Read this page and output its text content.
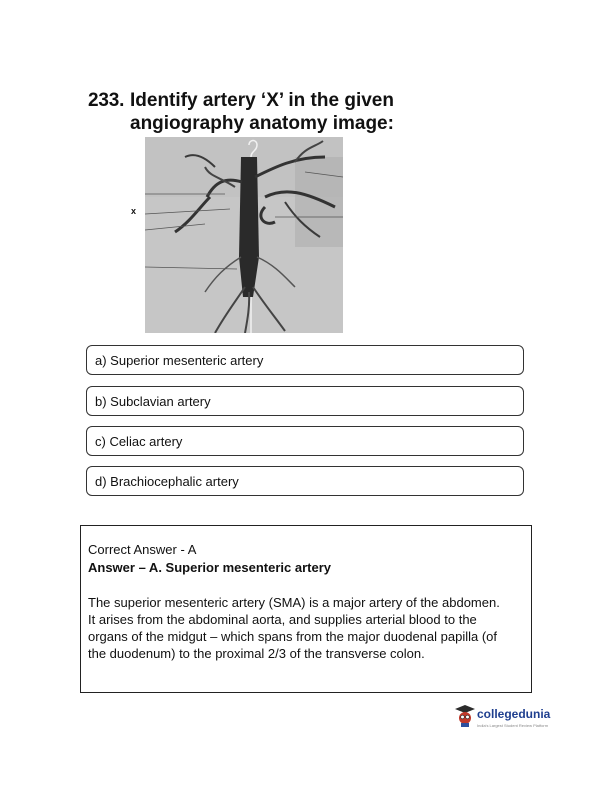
233. Identify artery ‘X’ in the given
angiography anatomy image:
x
a) Superior mesenteric artery
b) Subclavian artery
c) Celiac artery
d) Brachiocephalic artery
Correct Answer - A
Answer – A. Superior mesenteric artery
The superior mesenteric artery (SMA) is a major artery of the abdomen. It arises from the abdominal aorta, and supplies arterial blood to the organs of the midgut – which spans from the major duodenal papilla (of the duodenum) to the proximal 2/3 of the transverse colon.
collegedunia
India's Largest Student Review Platform
